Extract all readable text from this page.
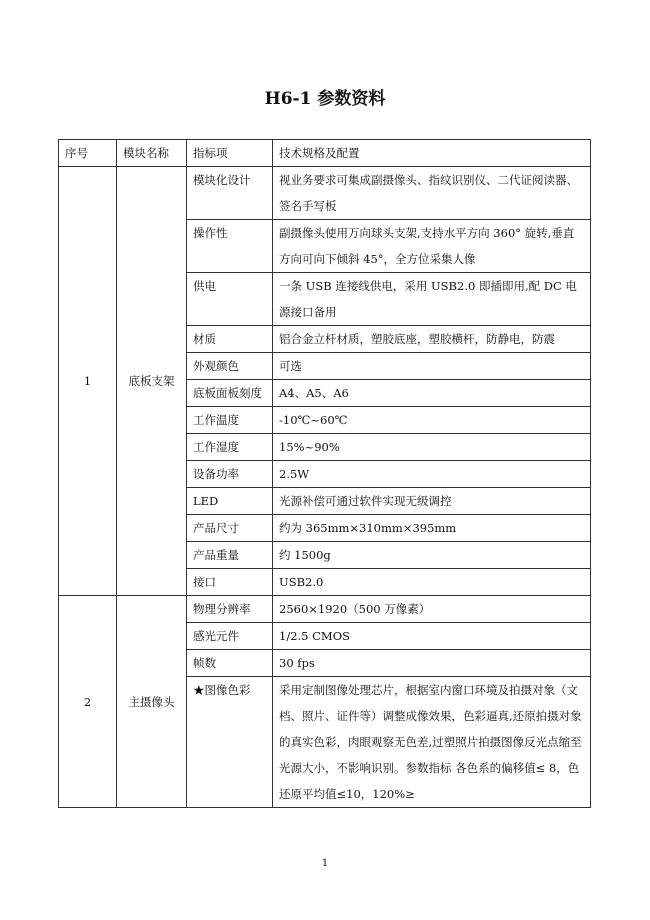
H6-1 参数资料
序号	模块名称	指标项	技术规格及配置
1	底板支架	模块化设计	视业务要求可集成副摄像头、指纹识别仪、二代证阅读器、签名手写板
		操作性	副摄像头使用万向球头支架,支持水平方向 360° 旋转,垂直方向可向下倾斜 45°，全方位采集人像
		供电	一条 USB 连接线供电，采用 USB2.0 即插即用,配 DC 电源接口备用
		材质	铝合金立杆材质，塑胶底座，塑胶横杆，防静电，防震
		外观颜色	可选
		底板面板刻度	A4、A5、A6
		工作温度	-10℃~60℃
		工作湿度	15%~90%
		设备功率	2.5W
		LED	光源补偿可通过软件实现无级调控
		产品尺寸	约为 365mm×310mm×395mm
		产品重量	约 1500g
		接口	USB2.0
2	主摄像头	物理分辨率	2560×1920（500 万像素）
		感光元件	1/2.5 CMOS
		帧数	30 fps
		★图像色彩	采用定制图像处理芯片，根据室内窗口环境及拍摄对象（文档、照片、证件等）调整成像效果，色彩逼真,还原拍摄对象的真实色彩，肉眼观察无色差,过塑照片拍摄图像反光点缩至光源大小，不影响识别。参数指标 各色系的偏移值≤ 8，色还原平均值≤10，120%≥
1
